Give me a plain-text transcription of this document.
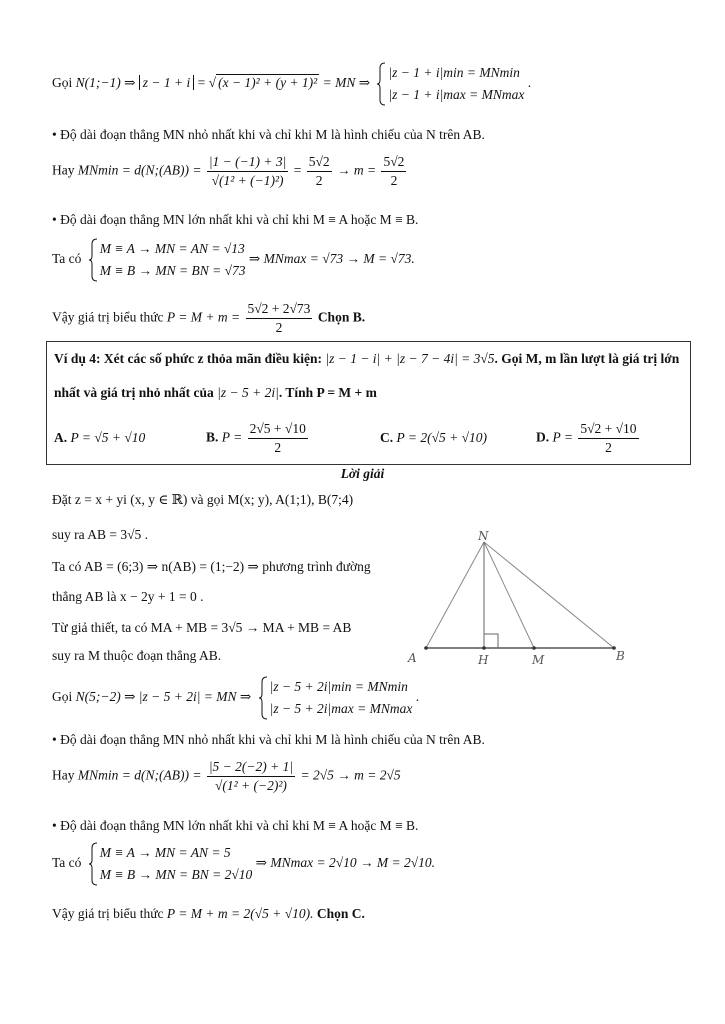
Gọi N(1;−1) ⇒ z − 1 + i = √ (x − 1)² + (y + 1)² = MN ⇒
|z − 1 + i|min = MNmin
|z − 1 + i|max = MNmax
.
• Độ dài đoạn thẳng MN nhỏ nhất khi và chỉ khi M là hình chiếu của N trên AB.
Hay MNmin = d(N;(AB)) = $\frac{|1 - (-1) + 3|}{\text{√(1² + (−1)²)}} = \frac{5√2}{2} \to m = \frac{5√2}{2}$
• Độ dài đoạn thẳng MN lớn nhất khi và chỉ khi M ≡ A hoặc M ≡ B.
Ta có
M ≡ A → MN = AN = √13
M ≡ B → MN = BN = √73
⇒ MNmax = √73 → M = √73.
Vậy giá trị biểu thức $P = M + m = \frac{5√2 + 2√73}{2}$ Chọn B.
Ví dụ 4: Xét các số phức z thỏa mãn điều kiện: |z − 1 − i| + |z − 7 − 4i| = 3√5. Gọi M, m lần lượt là giá trị lớn
nhất và giá trị nhỏ nhất của |z − 5 + 2i|. Tính P = M + m
A. P = √5 + √10	B. $P = \frac{2√5 + √10}{2}$	C. P = 2(√5 + √10)	D. $P = \frac{5√2 + √10}{2}$
Lời giải
Đặt z = x + yi (x, y ∈ ℝ) và gọi M(x; y), A(1;1), B(7;4)
suy ra AB = 3√5 .
Ta có AB = (6;3) ⇒ n(AB) = (1;−2) ⇒ phương trình đường
thẳng AB là x − 2y + 1 = 0 .
Từ giả thiết, ta có MA + MB = 3√5 → MA + MB = AB
suy ra M thuộc đoạn thẳng AB.
N
A	H	M	B
Gọi N(5;−2) ⇒ |z − 5 + 2i| = MN ⇒
|z − 5 + 2i|min = MNmin
|z − 5 + 2i|max = MNmax
.
• Độ dài đoạn thẳng MN nhỏ nhất khi và chỉ khi M là hình chiếu của N trên AB.
Hay MNmin = d(N;(AB)) = $\frac{|5 - 2(-2) + 1|}{\text{√(1² + (−2)²)}} = 2√5 \to m = 2√5$
• Độ dài đoạn thẳng MN lớn nhất khi và chỉ khi M ≡ A hoặc M ≡ B.
Ta có
M ≡ A → MN = AN = 5
M ≡ B → MN = BN = 2√10
⇒ MNmax = 2√10 → M = 2√10.
Vậy giá trị biểu thức P = M + m = 2(√5 + √10). Chọn C.
